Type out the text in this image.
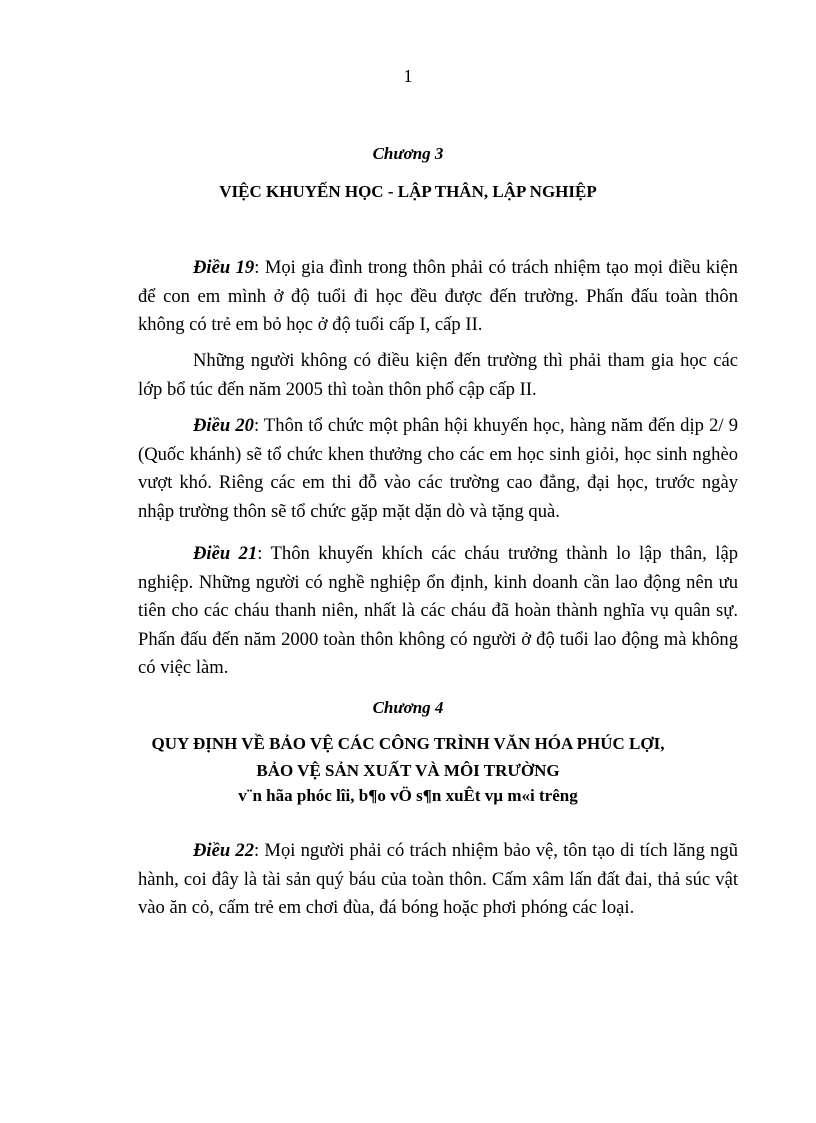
1
Chương 3
VIỆC KHUYẾN HỌC - LẬP THÂN, LẬP NGHIỆP

Điều 19: Mọi gia đình trong thôn phải có trách nhiệm tạo mọi điều kiện để con em mình ở độ tuổi đi học đều được đến trường. Phấn đấu toàn thôn không có trẻ em bỏ học ở độ tuổi cấp I, cấp II.

Những người không có điều kiện đến trường thì phải tham gia học các lớp bổ túc đến năm 2005 thì toàn thôn phổ cập cấp II.

Điều 20: Thôn tổ chức một phân hội khuyến học, hàng năm đến dịp 2/ 9 (Quốc khánh) sẽ tổ chức khen thưởng cho các em học sinh giỏi, học sinh nghèo vượt khó. Riêng các em thi đỗ vào các trường cao đẳng, đại học, trước ngày nhập trường thôn sẽ tổ chức gặp mặt dặn dò và tặng quà.

Điều 21: Thôn khuyến khích các cháu trưởng thành lo lập thân, lập nghiệp. Những người có nghề nghiệp ổn định, kinh doanh cần lao động nên ưu tiên cho các cháu thanh niên, nhất là các cháu đã hoàn thành nghĩa vụ quân sự. Phấn đấu đến năm 2000 toàn thôn không có người ở độ tuổi lao động mà không có việc làm.

Chương 4
QUY ĐỊNH VỀ BẢO VỆ CÁC CÔNG TRÌNH VĂN HÓA PHÚC LỢI,
BẢO VỆ SẢN XUẤT VÀ MÔI TRƯỜNG
v¨n hãa phóc lîi, b¶o vÖ s¶n xuÊt vµ m«i trêng

Điều 22: Mọi người phải có trách nhiệm bảo vệ, tôn tạo di tích lăng ngũ hành, coi đây là tài sản quý báu của toàn thôn. Cấm xâm lấn đất đai, thả súc vật vào ăn cỏ, cấm trẻ em chơi đùa, đá bóng hoặc phơi phóng các loại.
